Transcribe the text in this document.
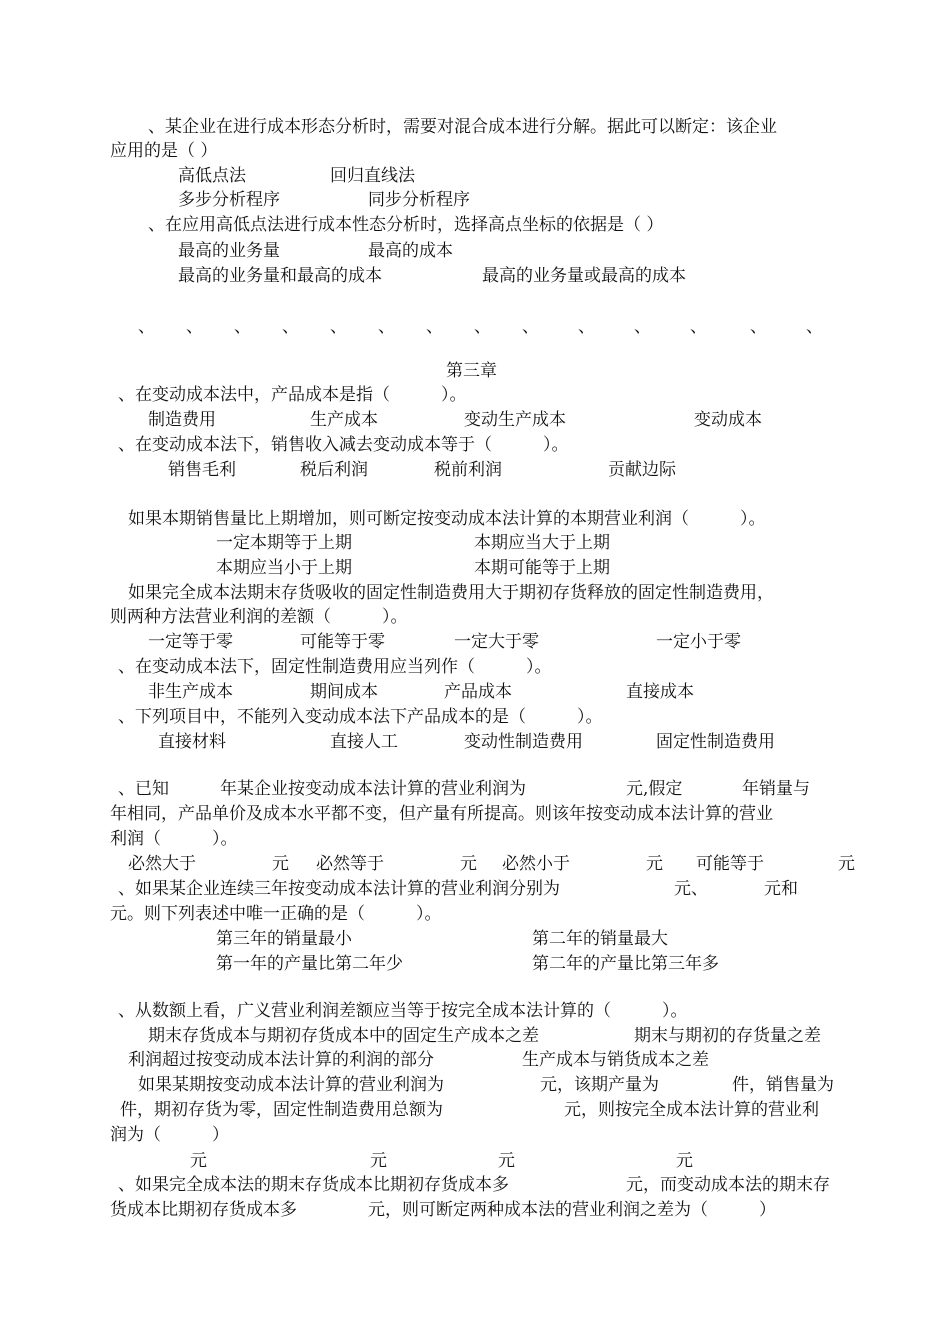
、某企业在进行成本形态分析时，需要对混合成本进行分解。据此可以断定：该企业
应用的是（ ）
高低点法	回归直线法
多步分析程序	同步分析程序
、在应用高低点法进行成本性态分析时，选择高点坐标的依据是（ ）
最高的业务量	最高的成本
最高的业务量和最高的成本	最高的业务量或最高的成本
、 、 、 、 、 、 、 、 、 、 、 、	、 、
第三章
、在变动成本法中，产品成本是指（　　　）。
制造费用	生产成本	变动生产成本	变动成本
、在变动成本法下，销售收入减去变动成本等于（　　　）。
销售毛利	税后利润	税前利润	贡献边际
如果本期销售量比上期增加，则可断定按变动成本法计算的本期营业利润（　　　）。
一定本期等于上期	本期应当大于上期
本期应当小于上期	本期可能等于上期
如果完全成本法期末存货吸收的固定性制造费用大于期初存货释放的固定性制造费用，
则两种方法营业利润的差额（　　　）。
一定等于零	可能等于零	一定大于零	一定小于零
、在变动成本法下，固定性制造费用应当列作（　　　）。
非生产成本	期间成本	产品成本	直接成本
、下列项目中，不能列入变动成本法下产品成本的是（　　　）。
直接材料	直接人工	变动性制造费用	固定性制造费用
、已知	年某企业按变动成本法计算的营业利润为	元,假定	年销量与
年相同，产品单价及成本水平都不变，但产量有所提高。则该年按变动成本法计算的营业
利润（　　　）。
必然大于	元 必然等于	元 必然小于	元 可能等于	元
、如果某企业连续三年按变动成本法计算的营业利润分别为	元、	元和
元。则下列表述中唯一正确的是（　　　）。
第三年的销量最小	第二年的销量最大
第一年的产量比第二年少	第二年的产量比第三年多
、从数额上看，广义营业利润差额应当等于按完全成本法计算的（　　　）。
期末存货成本与期初存货成本中的固定生产成本之差	期末与期初的存货量之差
利润超过按变动成本法计算的利润的部分	生产成本与销货成本之差
如果某期按变动成本法计算的营业利润为	元，该期产量为	件，销售量为
件，期初存货为零，固定性制造费用总额为	元，则按完全成本法计算的营业利
润为（　　　）
元	元	元	元
、如果完全成本法的期末存货成本比期初存货成本多	元，而变动成本法的期末存
货成本比期初存货成本多	元，则可断定两种成本法的营业利润之差为（　　　）
